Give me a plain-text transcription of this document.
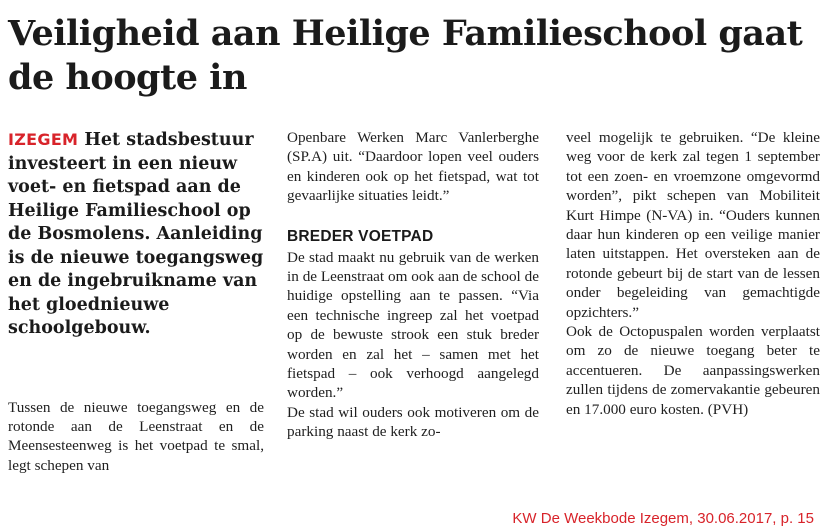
Veiligheid aan Heilige Familieschool gaat de hoogte in

IZEGEM Het stadsbestuur investeert in een nieuw voet- en fietspad aan de Heilige Familieschool op de Bosmolens. Aanleiding is de nieuwe toegangsweg en de ingebruikname van het gloednieuwe schoolgebouw.

Tussen de nieuwe toegangsweg en de rotonde aan de Leenstraat en de Meensesteenweg is het voetpad te smal, legt schepen van

Openbare Werken Marc Vanlerberghe (SP.A) uit. “Daardoor lopen veel ouders en kinderen ook op het fietspad, wat tot gevaarlijke situaties leidt.”

BREDER VOETPAD

De stad maakt nu gebruik van de werken in de Leenstraat om ook aan de school de huidige opstelling aan te passen. “Via een technische ingreep zal het voetpad op de bewuste strook een stuk breder worden en zal het – samen met het fietspad – ook verhoogd aangelegd worden.”

De stad wil ouders ook motiveren om de parking naast de kerk zo-

veel mogelijk te gebruiken. “De kleine weg voor de kerk zal tegen 1 september tot een zoen- en vroemzone omgevormd worden”, pikt schepen van Mobiliteit Kurt Himpe (N-VA) in. “Ouders kunnen daar hun kinderen op een veilige manier laten uitstappen. Het oversteken aan de rotonde gebeurt bij de start van de lessen onder begeleiding van gemachtigde opzichters.”

Ook de Octopuspalen worden verplaatst om zo de nieuwe toegang beter te accentueren. De aanpassingswerken zullen tijdens de zomervakantie gebeuren en 17.000 euro kosten. (PVH)

KW De Weekbode Izegem, 30.06.2017, p. 15
